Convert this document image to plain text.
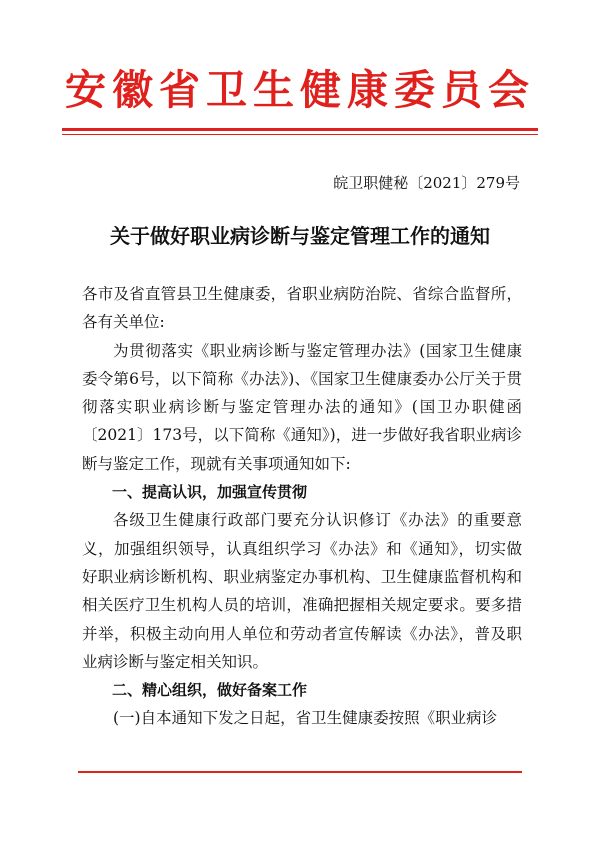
安徽省卫生健康委员会
皖卫职健秘〔2021〕279号
关于做好职业病诊断与鉴定管理工作的通知

各市及省直管县卫生健康委，省职业病防治院、省综合监督所，各有关单位:

为贯彻落实《职业病诊断与鉴定管理办法》(国家卫生健康委令第6号，以下简称《办法》)、《国家卫生健康委办公厅关于贯彻落实职业病诊断与鉴定管理办法的通知》(国卫办职健函〔2021〕173号，以下简称《通知》)，进一步做好我省职业病诊断与鉴定工作，现就有关事项通知如下:

一、提高认识，加强宣传贯彻

各级卫生健康行政部门要充分认识修订《办法》的重要意义，加强组织领导，认真组织学习《办法》和《通知》，切实做好职业病诊断机构、职业病鉴定办事机构、卫生健康监督机构和相关医疗卫生机构人员的培训，准确把握相关规定要求。要多措并举，积极主动向用人单位和劳动者宣传解读《办法》，普及职业病诊断与鉴定相关知识。

二、精心组织，做好备案工作

(一)自本通知下发之日起，省卫生健康委按照《职业病诊
